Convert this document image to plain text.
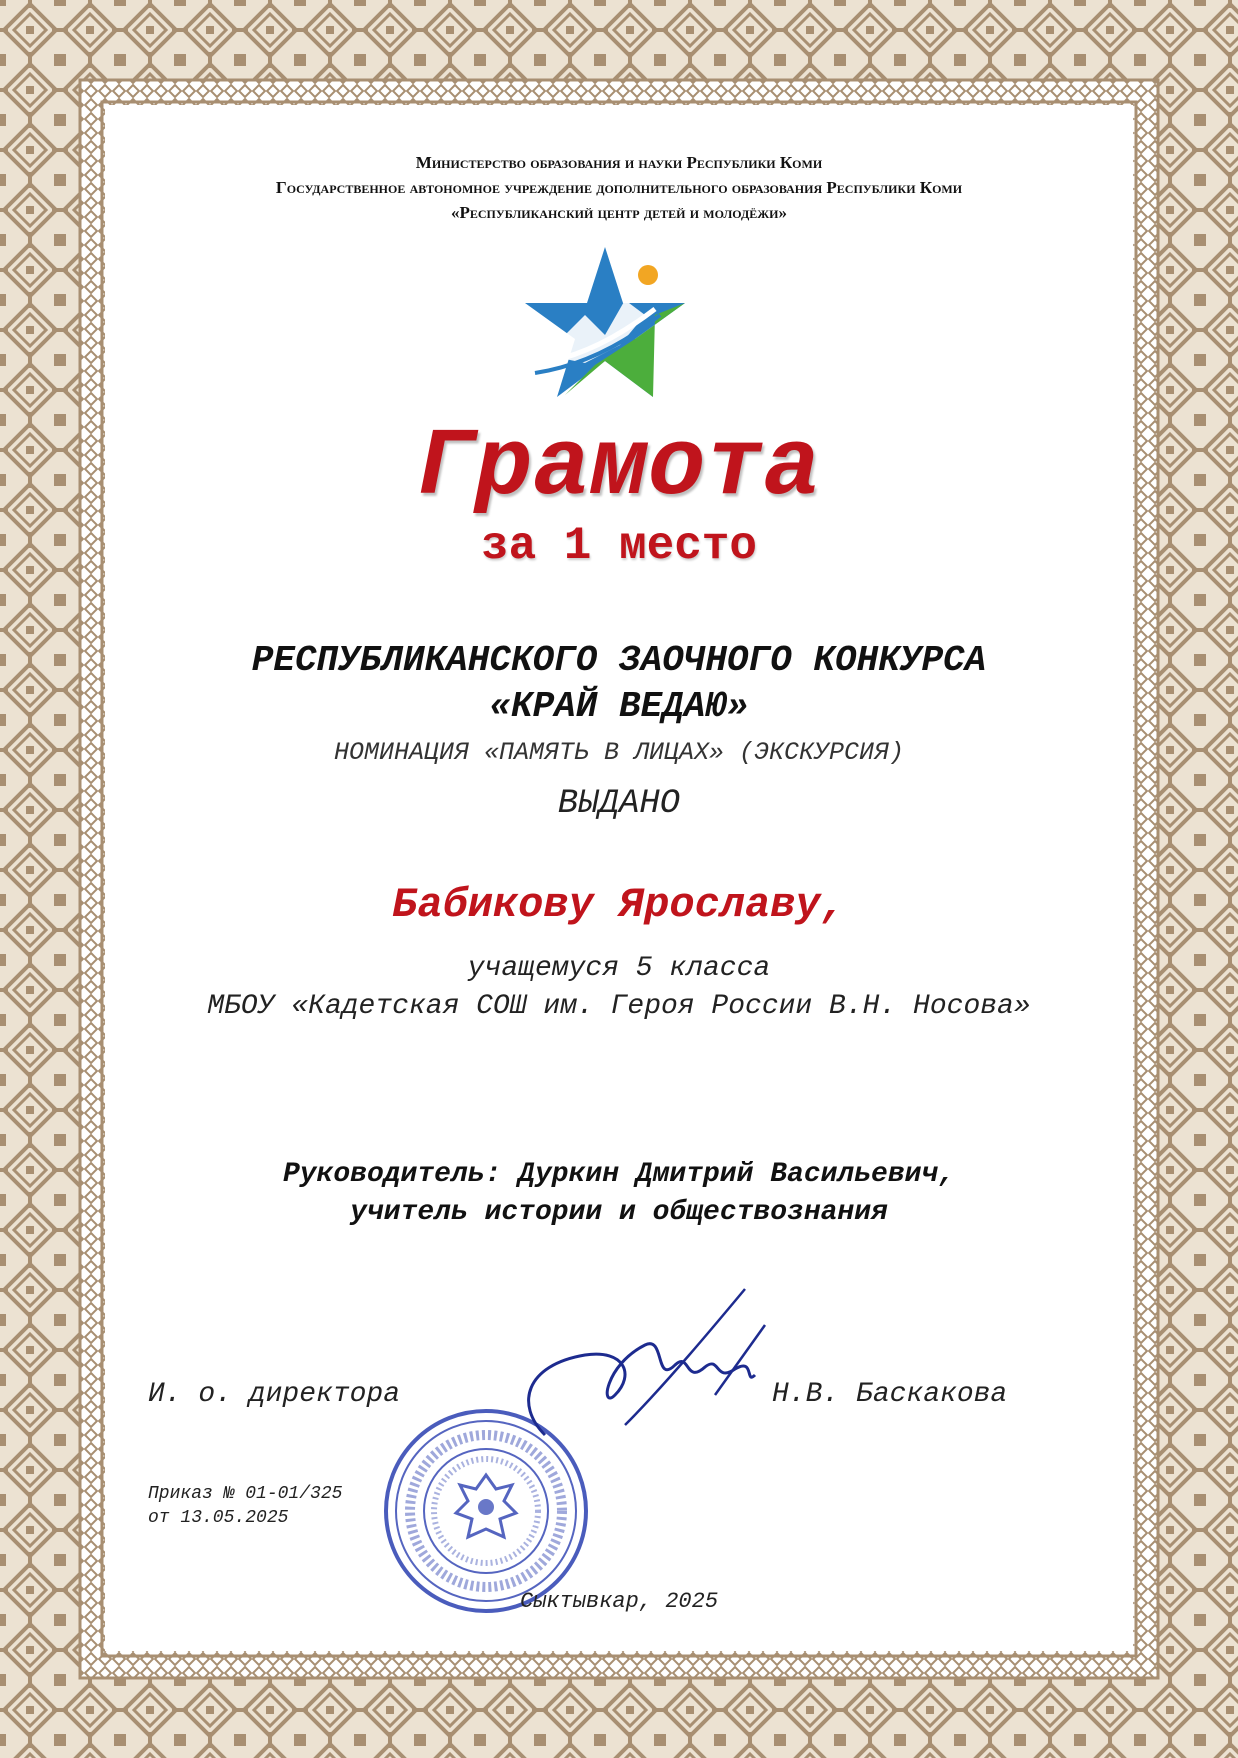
Министерство образования и науки Республики Коми
Государственное автономное учреждение дополнительного образования Республики Коми
«Республиканский центр детей и молодёжи»
Грамота
за 1 место
РЕСПУБЛИКАНСКОГО ЗАОЧНОГО КОНКУРСА
«КРАЙ ВЕДАЮ»
НОМИНАЦИЯ «ПАМЯТЬ В ЛИЦАХ» (ЭКСКУРСИЯ)
ВЫДАНО
Бабикову Ярославу,
учащемуся 5 класса
МБОУ «Кадетская СОШ им. Героя России В.Н. Носова»
Руководитель: Дуркин Дмитрий Васильевич,
учитель истории и обществознания
И. о. директора	Н.В. Баскакова
Приказ № 01-01/325
от 13.05.2025
Сыктывкар, 2025
